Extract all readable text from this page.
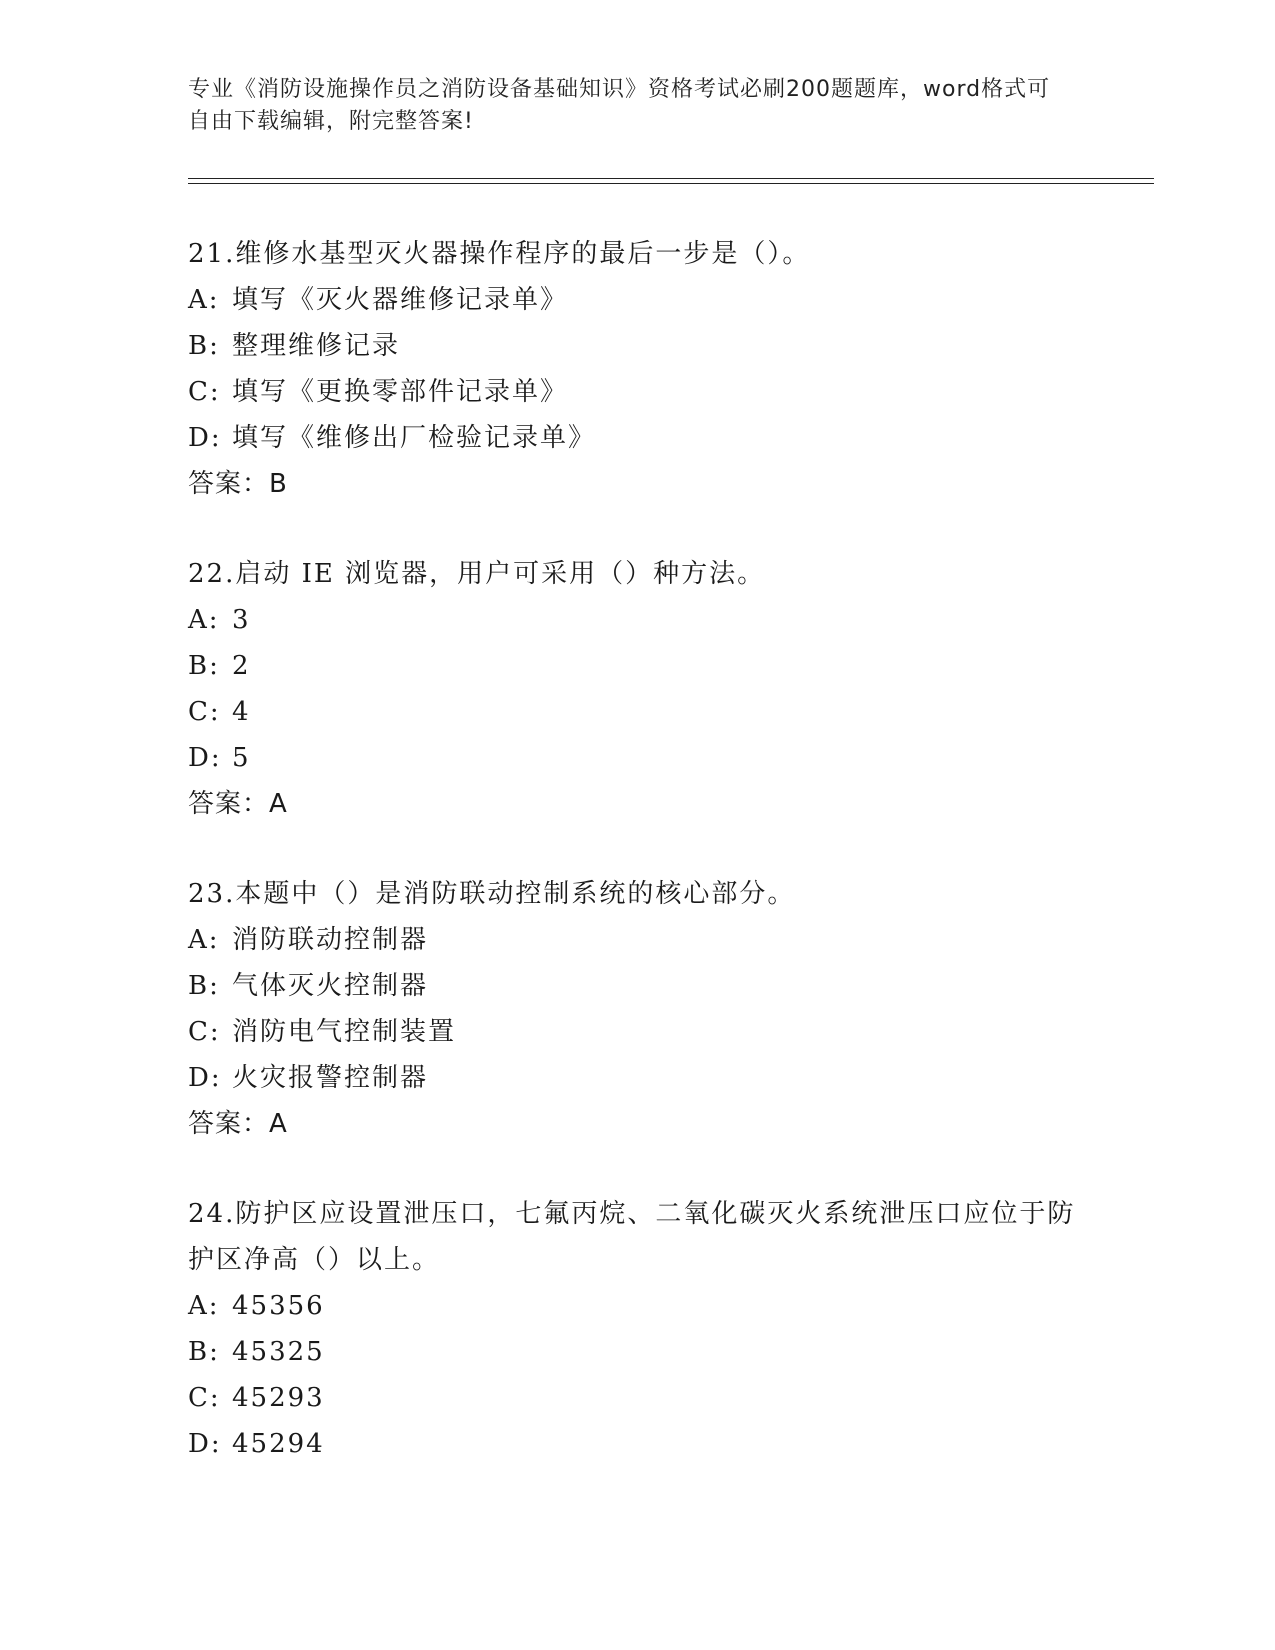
专业《消防设施操作员之消防设备基础知识》资格考试必刷200题题库，word格式可自由下载编辑，附完整答案!

21.维修水基型灭火器操作程序的最后一步是（）。

A: 填写《灭火器维修记录单》
B: 整理维修记录
C: 填写《更换零部件记录单》
D: 填写《维修出厂检验记录单》

答案：B

22.启动 IE 浏览器，用户可采用（）种方法。

A: 3
B: 2
C: 4
D: 5

答案：A

23.本题中（）是消防联动控制系统的核心部分。

A: 消防联动控制器
B: 气体灭火控制器
C: 消防电气控制装置
D: 火灾报警控制器

答案：A

24.防护区应设置泄压口，七氟丙烷、二氧化碳灭火系统泄压口应位于防护区净高（）以上。

A: 45356
B: 45325
C: 45293
D: 45294
